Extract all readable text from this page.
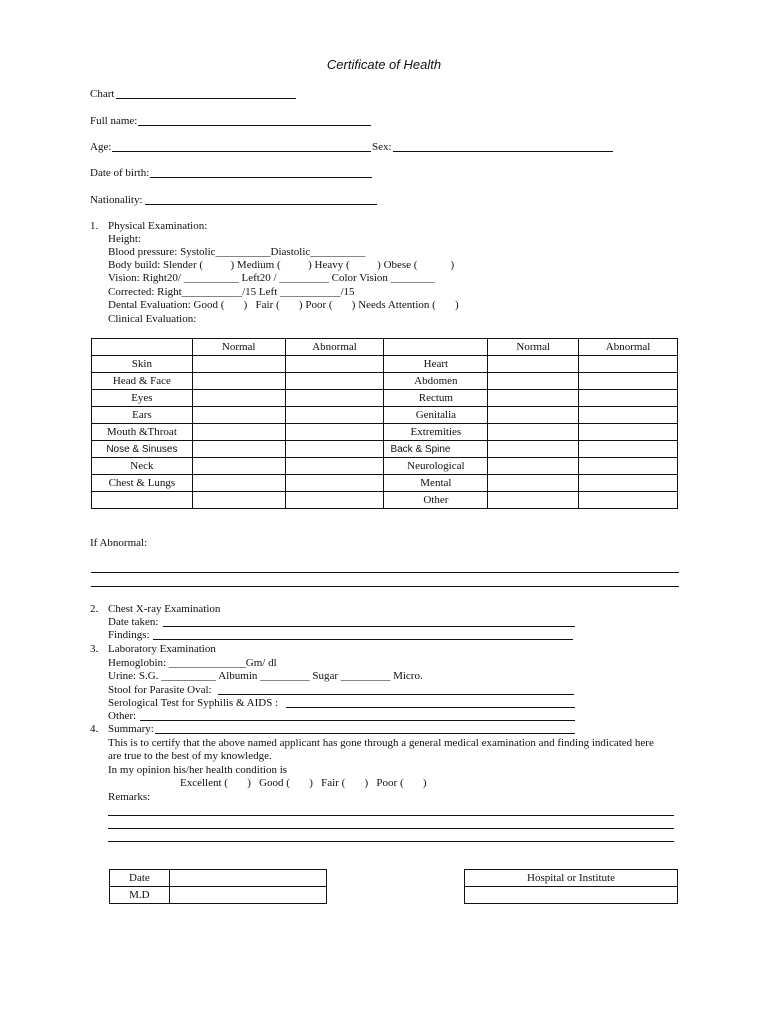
Certificate of Health
Chart
Full name:
Age:	Sex:
Date of birth:
Nationality:
1. Physical Examination:
Height:
Blood pressure: Systolic__________Diastolic__________
Body build: Slender (          ) Medium (          ) Heavy (          ) Obese (            )
Vision: Right20/ __________ Left20 / _________ Color Vision ________
Corrected: Right___________/15 Left ___________/15
Dental Evaluation: Good (       )   Fair (       ) Poor (       ) Needs Attention (       )
Clinical Evaluation:
	Normal	Abnormal		Normal	Abnormal
Skin			Heart		
Head & Face			Abdomen		
Eyes			Rectum		
Ears			Genitalia		
Mouth &Throat			Extremities		
Nose & Sinuses			Back & Spine		
Neck			Neurological		
Chest & Lungs			Mental		
			Other		
If Abnormal:
2. Chest X-ray Examination
Date taken:
Findings:
3. Laboratory Examination
Hemoglobin: ______________Gm/ dl
Urine: S.G. __________ Albumin _________ Sugar _________ Micro.
Stool for Parasite Oval:
Serological Test for Syphilis & AIDS :
Other:
4. Summary:
This is to certify that the above named applicant has gone through a general medical examination and finding indicated here
are true to the best of my knowledge.
In my opinion his/her health condition is
Excellent (       )   Good (       )   Fair (       )   Poor (       )
Remarks:
Date	
M.D	
Hospital or Institute
